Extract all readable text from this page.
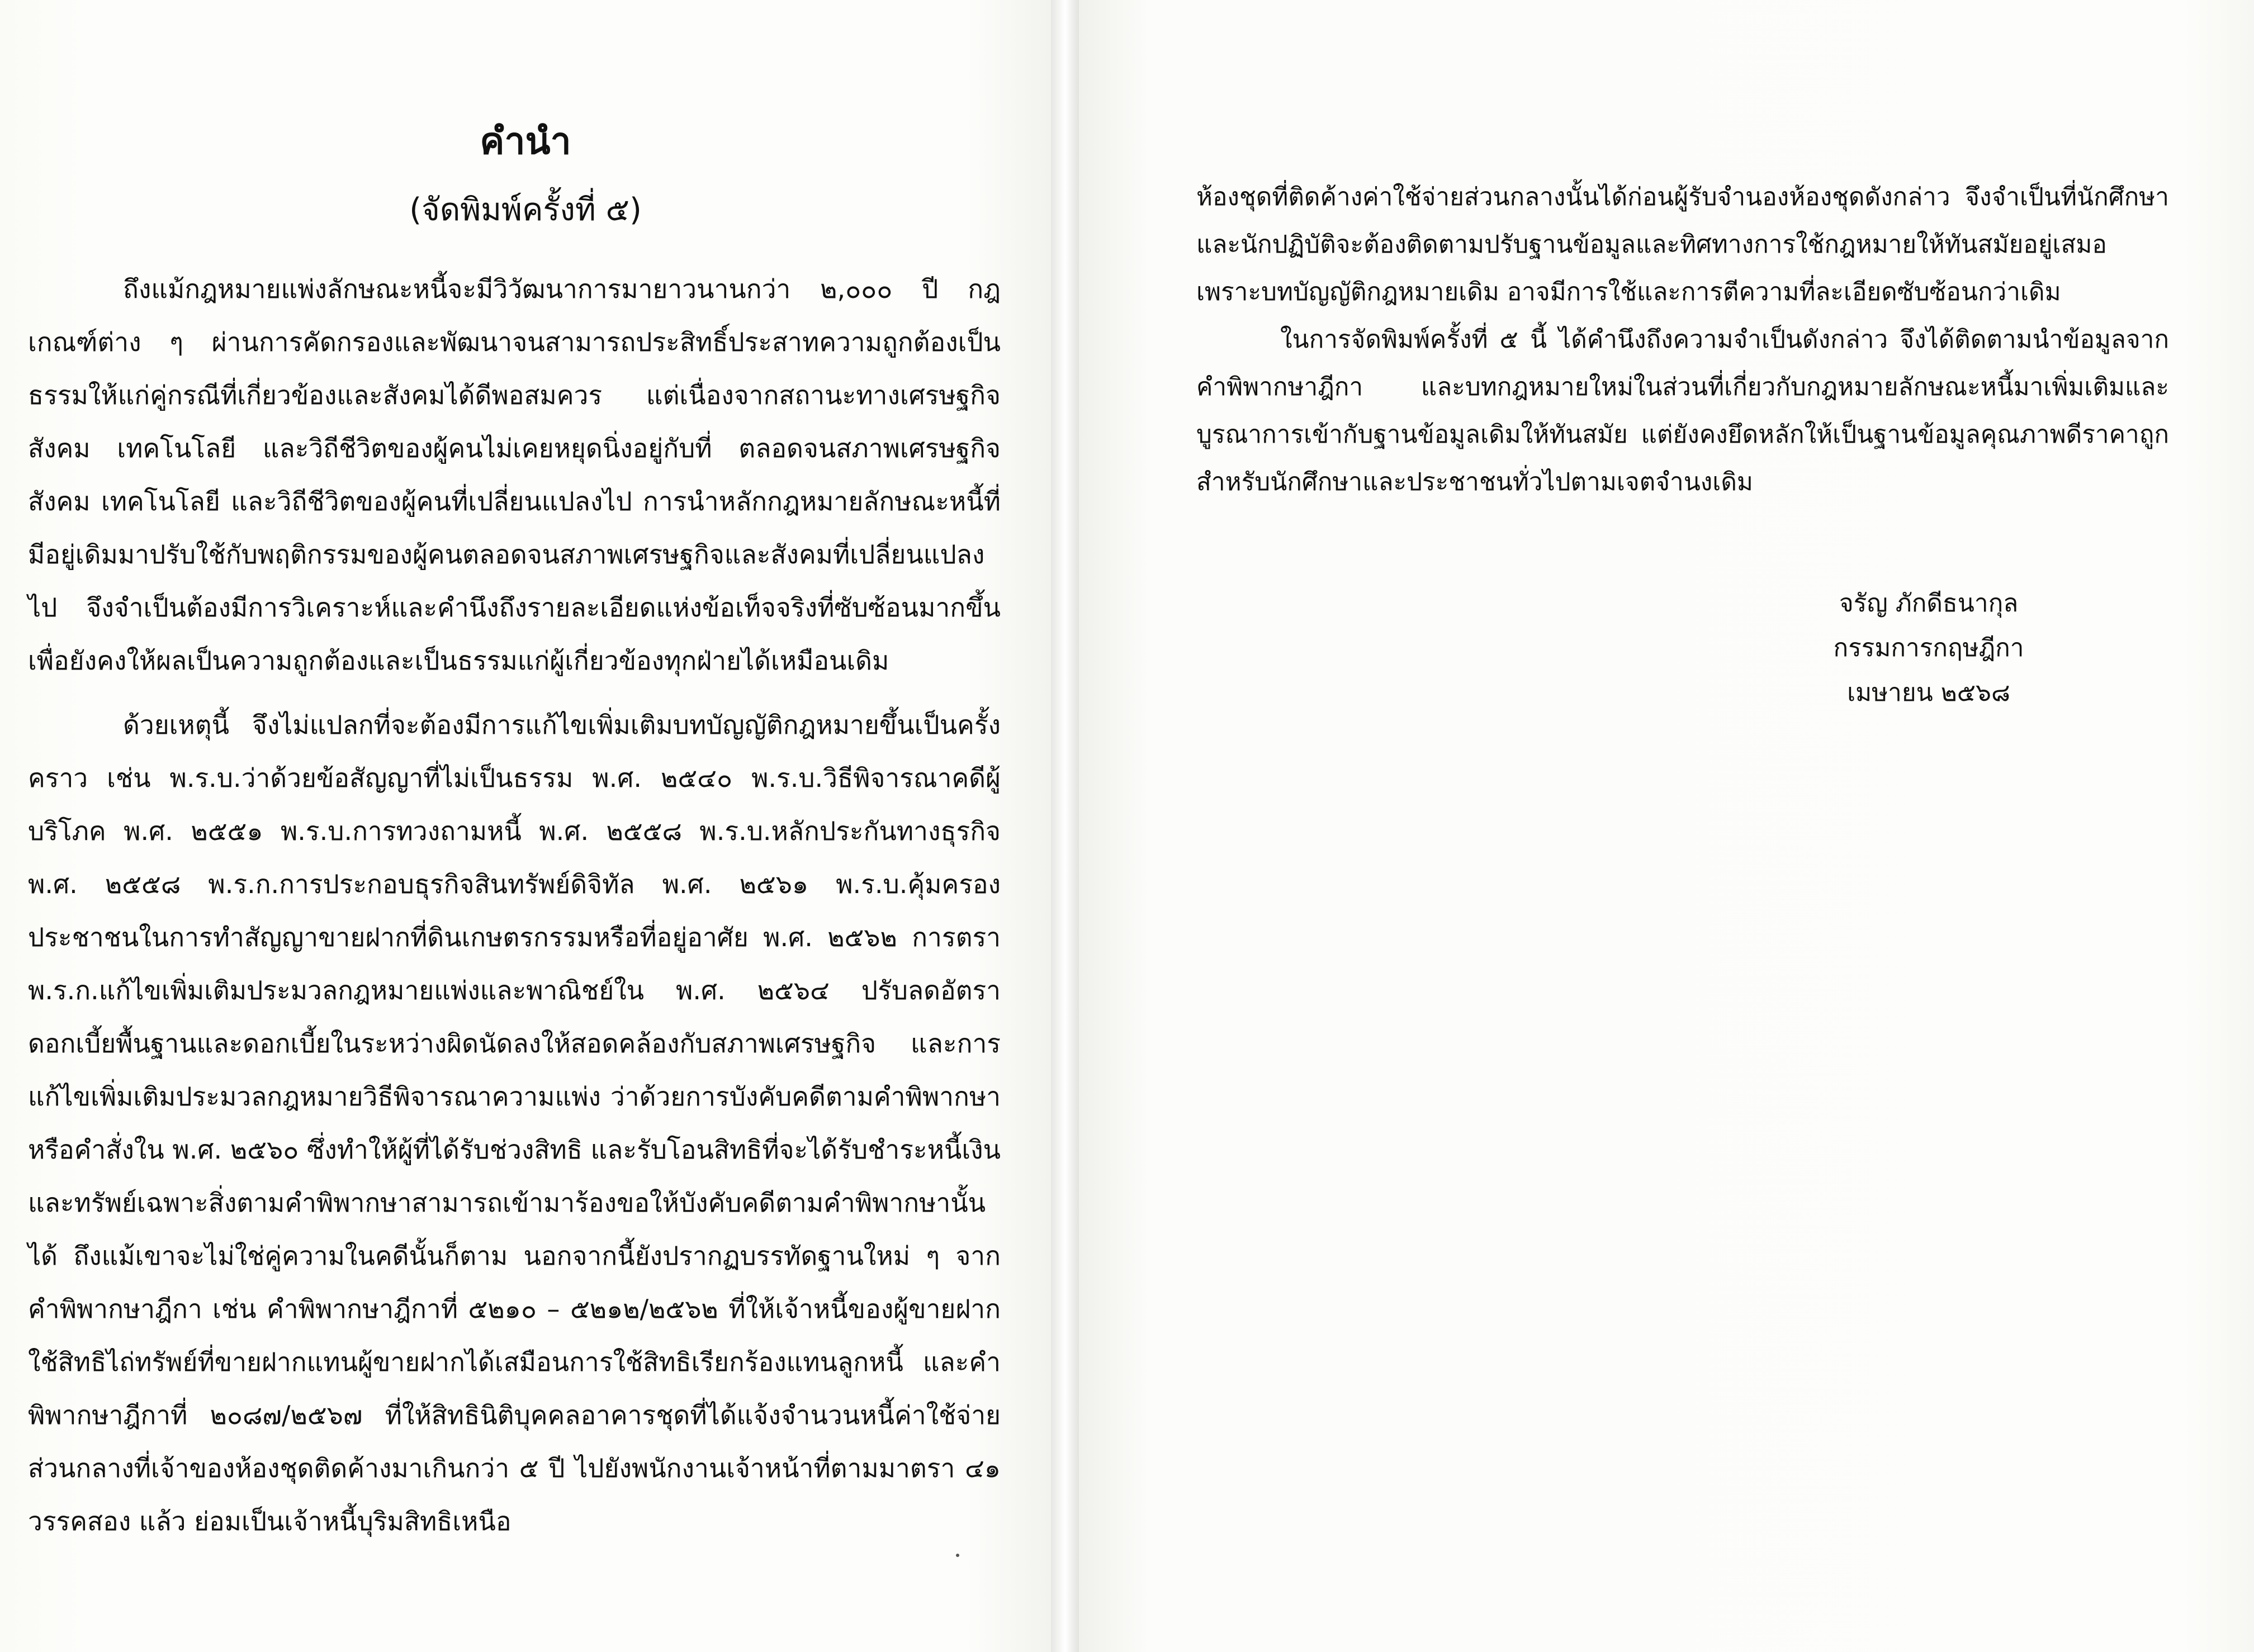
คำนำ
(จัดพิมพ์ครั้งที่ ๕)

ถึงแม้กฎหมายแพ่งลักษณะหนี้จะมีวิวัฒนาการมายาวนานกว่า ๒,๐๐๐ ปี กฎเกณฑ์ต่าง ๆ ผ่านการคัดกรองและพัฒนาจนสามารถประสิทธิ์ประสาทความถูกต้องเป็นธรรมให้แก่คู่กรณีที่เกี่ยวข้องและสังคมได้ดีพอสมควร แต่เนื่องจากสถานะทางเศรษฐกิจ สังคม เทคโนโลยี และวิถีชีวิตของผู้คนไม่เคยหยุดนิ่งอยู่กับที่ ตลอดจนสภาพเศรษฐกิจ สังคม เทคโนโลยี และวิถีชีวิตของผู้คนที่เปลี่ยนแปลงไป การนำหลักกฎหมายลักษณะหนี้ที่มีอยู่เดิมมาปรับใช้กับพฤติกรรมของผู้คนตลอดจนสภาพเศรษฐกิจและสังคมที่เปลี่ยนแปลงไป จึงจำเป็นต้องมีการวิเคราะห์และคำนึงถึงรายละเอียดแห่งข้อเท็จจริงที่ซับซ้อนมากขึ้น เพื่อยังคงให้ผลเป็นความถูกต้องและเป็นธรรมแก่ผู้เกี่ยวข้องทุกฝ่ายได้เหมือนเดิม

ด้วยเหตุนี้ จึงไม่แปลกที่จะต้องมีการแก้ไขเพิ่มเติมบทบัญญัติกฎหมายขึ้นเป็นครั้งคราว เช่น พ.ร.บ.ว่าด้วยข้อสัญญาที่ไม่เป็นธรรม พ.ศ. ๒๕๔๐ พ.ร.บ.วิธีพิจารณาคดีผู้บริโภค พ.ศ. ๒๕๕๑ พ.ร.บ.การทวงถามหนี้ พ.ศ. ๒๕๕๘ พ.ร.บ.หลักประกันทางธุรกิจ พ.ศ. ๒๕๕๘ พ.ร.ก.การประกอบธุรกิจสินทรัพย์ดิจิทัล พ.ศ. ๒๕๖๑ พ.ร.บ.คุ้มครองประชาชนในการทำสัญญาขายฝากที่ดินเกษตรกรรมหรือที่อยู่อาศัย พ.ศ. ๒๕๖๒ การตรา พ.ร.ก.แก้ไขเพิ่มเติมประมวลกฎหมายแพ่งและพาณิชย์ใน พ.ศ. ๒๕๖๔ ปรับลดอัตราดอกเบี้ยพื้นฐานและดอกเบี้ยในระหว่างผิดนัดลงให้สอดคล้องกับสภาพเศรษฐกิจ และการแก้ไขเพิ่มเติมประมวลกฎหมายวิธีพิจารณาความแพ่ง ว่าด้วยการบังคับคดีตามคำพิพากษาหรือคำสั่งใน พ.ศ. ๒๕๖๐ ซึ่งทำให้ผู้ที่ได้รับช่วงสิทธิ และรับโอนสิทธิที่จะได้รับชำระหนี้เงินและทรัพย์เฉพาะสิ่งตามคำพิพากษาสามารถเข้ามาร้องขอให้บังคับคดีตามคำพิพากษานั้นได้ ถึงแม้เขาจะไม่ใช่คู่ความในคดีนั้นก็ตาม นอกจากนี้ยังปรากฏบรรทัดฐานใหม่ ๆ จากคำพิพากษาฎีกา เช่น คำพิพากษาฎีกาที่ ๕๒๑๐ – ๕๒๑๒/๒๕๖๒ ที่ให้เจ้าหนี้ของผู้ขายฝากใช้สิทธิไถ่ทรัพย์ที่ขายฝากแทนผู้ขายฝากได้เสมือนการใช้สิทธิเรียกร้องแทนลูกหนี้ และคำพิพากษาฎีกาที่ ๒๐๘๗/๒๕๖๗ ที่ให้สิทธินิติบุคคลอาคารชุดที่ได้แจ้งจำนวนหนี้ค่าใช้จ่ายส่วนกลางที่เจ้าของห้องชุดติดค้างมาเกินกว่า ๕ ปี ไปยังพนักงานเจ้าหน้าที่ตามมาตรา ๔๑ วรรคสอง แล้ว ย่อมเป็นเจ้าหนี้บุริมสิทธิเหนือ

ห้องชุดที่ติดค้างค่าใช้จ่ายส่วนกลางนั้นได้ก่อนผู้รับจำนองห้องชุดดังกล่าว จึงจำเป็นที่นักศึกษาและนักปฏิบัติจะต้องติดตามปรับฐานข้อมูลและทิศทางการใช้กฎหมายให้ทันสมัยอยู่เสมอ เพราะบทบัญญัติกฎหมายเดิม อาจมีการใช้และการตีความที่ละเอียดซับซ้อนกว่าเดิม

ในการจัดพิมพ์ครั้งที่ ๕ นี้ ได้คำนึงถึงความจำเป็นดังกล่าว จึงได้ติดตามนำข้อมูลจากคำพิพากษาฎีกา และบทกฎหมายใหม่ในส่วนที่เกี่ยวกับกฎหมายลักษณะหนี้มาเพิ่มเติมและบูรณาการเข้ากับฐานข้อมูลเดิมให้ทันสมัย แต่ยังคงยึดหลักให้เป็นฐานข้อมูลคุณภาพดีราคาถูกสำหรับนักศึกษาและประชาชนทั่วไปตามเจตจำนงเดิม

จรัญ ภักดีธนากุล
กรรมการกฤษฎีกา
เมษายน ๒๕๖๘
